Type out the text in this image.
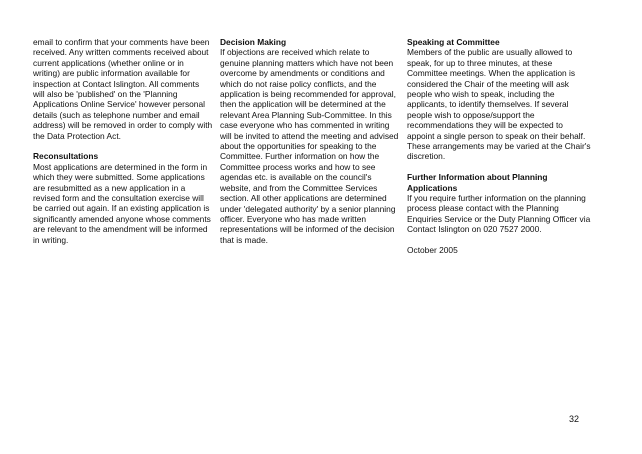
email to confirm that your comments have been received. Any written comments received about current applications (whether online or in writing) are public information available for inspection at Contact Islington. All comments will also be 'published' on the 'Planning Applications Online Service' however personal details (such as telephone number and email address) will be removed in order to comply with the Data Protection Act.
Reconsultations
Most applications are determined in the form in which they were submitted. Some applications are resubmitted as a new application in a revised form and the consultation exercise will be carried out again. If an existing application is significantly amended anyone whose comments are relevant to the amendment will be informed in writing.
Decision Making
If objections are received which relate to genuine planning matters which have not been overcome by amendments or conditions and which do not raise policy conflicts, and the application is being recommended for approval, then the application will be determined at the relevant Area Planning Sub-Committee. In this case everyone who has commented in writing will be invited to attend the meeting and advised about the opportunities for speaking to the Committee. Further information on how the Committee process works and how to see agendas etc. is available on the council's website, and from the Committee Services section. All other applications are determined under 'delegated authority' by a senior planning officer. Everyone who has made written representations will be informed of the decision that is made.
Speaking at Committee
Members of the public are usually allowed to speak, for up to three minutes, at these Committee meetings. When the application is considered the Chair of the meeting will ask people who wish to speak, including the applicants, to identify themselves. If several people wish to oppose/support the recommendations they will be expected to appoint a single person to speak on their behalf. These arrangements may be varied at the Chair's discretion.
Further Information about Planning Applications
If you require further information on the planning process please contact with the Planning Enquiries Service or the Duty Planning Officer via Contact Islington on 020 7527 2000.
October 2005
32
